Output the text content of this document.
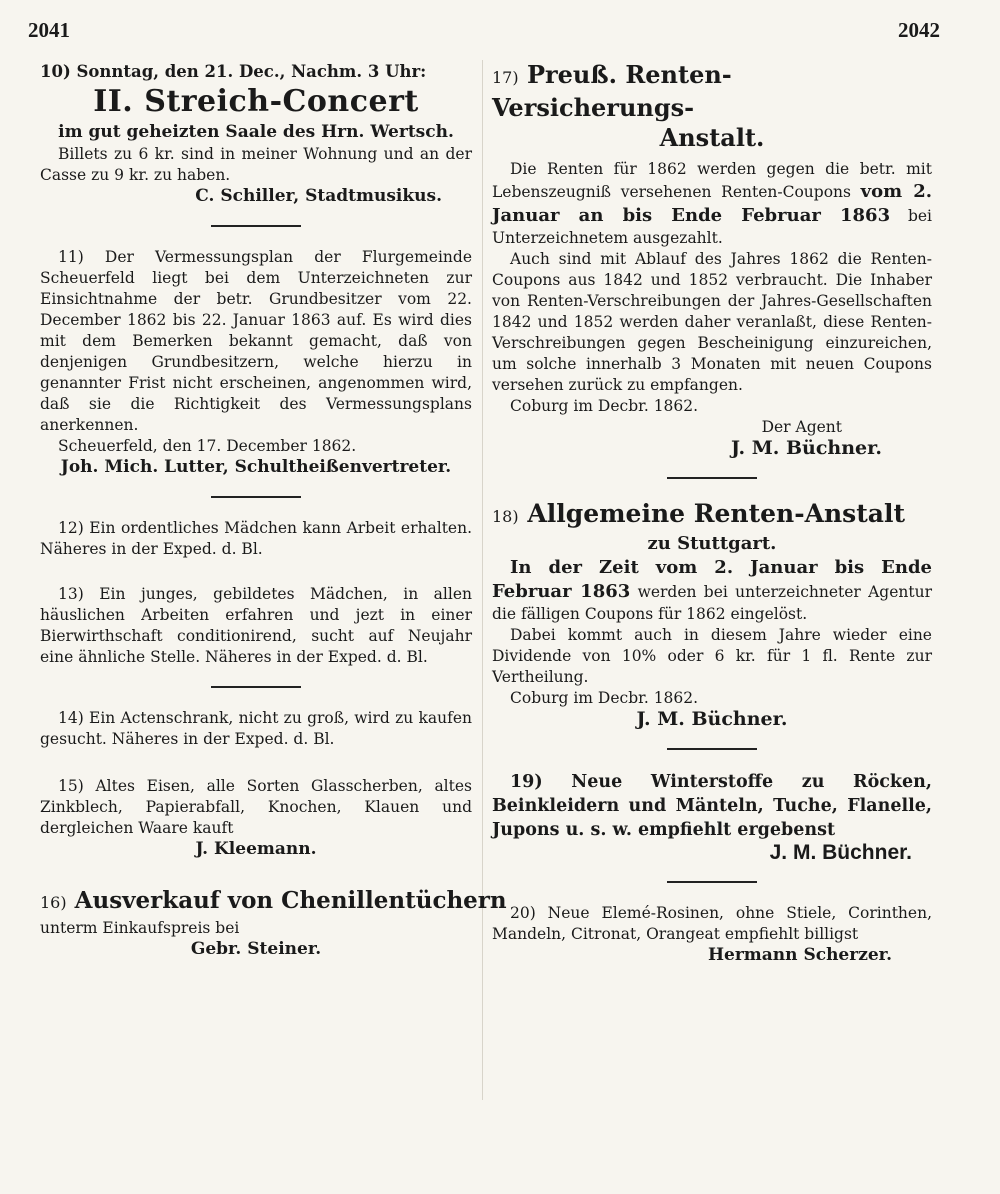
2041	2042

10) Sonntag, den 21. Dec., Nachm. 3 Uhr:

II. Streich-Concert

im gut geheizten Saale des Hrn. Wertsch.

Billets zu 6 kr. sind in meiner Wohnung und an der Casse zu 9 kr. zu haben.

C. Schiller, Stadtmusikus.

11) Der Vermessungsplan der Flurgemeinde Scheuerfeld liegt bei dem Unterzeichneten zur Einsichtnahme der betr. Grundbesitzer vom 22. December 1862 bis 22. Januar 1863 auf. Es wird dies mit dem Bemerken bekannt gemacht, daß von denjenigen Grundbesitzern, welche hierzu in genannter Frist nicht erscheinen, angenommen wird, daß sie die Richtigkeit des Vermessungsplans anerkennen.

Scheuerfeld, den 17. December 1862.

Joh. Mich. Lutter, Schultheißenvertreter.

12) Ein ordentliches Mädchen kann Arbeit erhalten. Näheres in der Exped. d. Bl.

13) Ein junges, gebildetes Mädchen, in allen häuslichen Arbeiten erfahren und jezt in einer Bierwirthschaft conditionirend, sucht auf Neujahr eine ähnliche Stelle. Näheres in der Exped. d. Bl.

14) Ein Actenschrank, nicht zu groß, wird zu kaufen gesucht. Näheres in der Exped. d. Bl.

15) Altes Eisen, alle Sorten Glasscherben, altes Zinkblech, Papierabfall, Knochen, Klauen und dergleichen Waare kauft

J. Kleemann.

16) Ausverkauf von Chenillentüchern

unterm Einkaufspreis bei

Gebr. Steiner.

17) Preuß. Renten-Versicherungs-

Anstalt.

Die Renten für 1862 werden gegen die betr. mit Lebenszeugniß versehenen Renten-Coupons vom 2. Januar an bis Ende Februar 1863 bei Unterzeichnetem ausgezahlt.

Auch sind mit Ablauf des Jahres 1862 die Renten-Coupons aus 1842 und 1852 verbraucht. Die Inhaber von Renten-Verschreibungen der Jahres-Gesellschaften 1842 und 1852 werden daher veranlaßt, diese Renten-Verschreibungen gegen Bescheinigung einzureichen, um solche innerhalb 3 Monaten mit neuen Coupons versehen zurück zu empfangen.

Coburg im Decbr. 1862.

Der Agent

J. M. Büchner.

18) Allgemeine Renten-Anstalt

zu Stuttgart.

In der Zeit vom 2. Januar bis Ende Februar 1863 werden bei unterzeichneter Agentur die fälligen Coupons für 1862 eingelöst.

Dabei kommt auch in diesem Jahre wieder eine Dividende von 10% oder 6 kr. für 1 fl. Rente zur Vertheilung.

Coburg im Decbr. 1862.

J. M. Büchner.

19) Neue Winterstoffe zu Röcken, Beinkleidern und Mänteln, Tuche, Flanelle, Jupons u. s. w. empfiehlt ergebenst

J. M. Büchner.

20) Neue Elemé-Rosinen, ohne Stiele, Corinthen, Mandeln, Citronat, Orangeat empfiehlt billigst

Hermann Scherzer.
